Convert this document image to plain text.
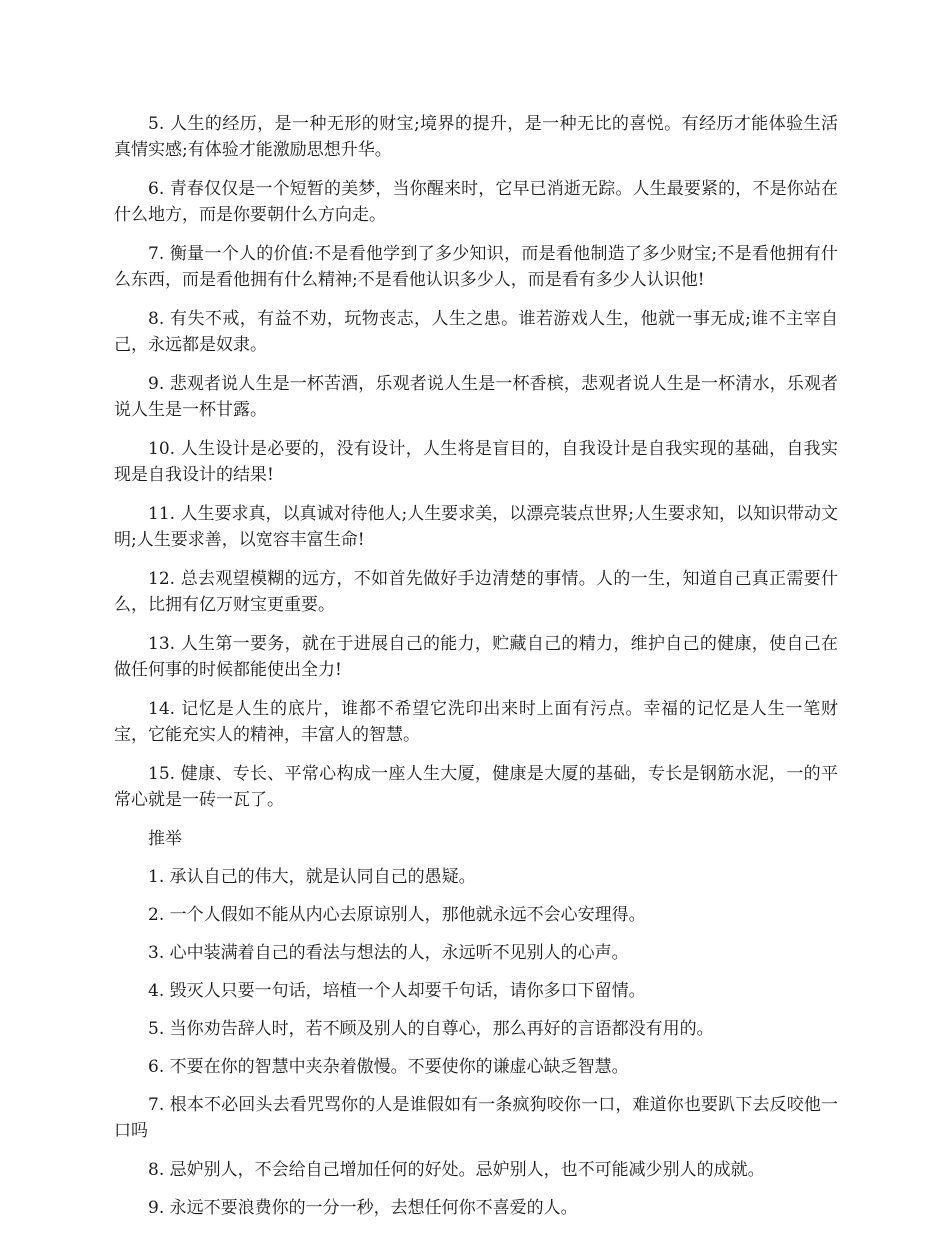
5. 人生的经历，是一种无形的财宝;境界的提升，是一种无比的喜悦。有经历才能体验生活真情实感;有体验才能激励思想升华。

6. 青春仅仅是一个短暂的美梦，当你醒来时，它早已消逝无踪。人生最要紧的，不是你站在什么地方，而是你要朝什么方向走。

7. 衡量一个人的价值:不是看他学到了多少知识，而是看他制造了多少财宝;不是看他拥有什么东西，而是看他拥有什么精神;不是看他认识多少人，而是看有多少人认识他!

8. 有失不戒，有益不劝，玩物丧志，人生之患。谁若游戏人生，他就一事无成;谁不主宰自己，永远都是奴隶。

9. 悲观者说人生是一杯苦酒，乐观者说人生是一杯香槟，悲观者说人生是一杯清水，乐观者说人生是一杯甘露。

10. 人生设计是必要的，没有设计，人生将是盲目的，自我设计是自我实现的基础，自我实现是自我设计的结果!

11. 人生要求真，以真诚对待他人;人生要求美，以漂亮装点世界;人生要求知，以知识带动文明;人生要求善，以宽容丰富生命!

12. 总去观望模糊的远方，不如首先做好手边清楚的事情。人的一生，知道自己真正需要什么，比拥有亿万财宝更重要。

13. 人生第一要务，就在于进展自己的能力，贮藏自己的精力，维护自己的健康，使自己在做任何事的时候都能使出全力!

14. 记忆是人生的底片，谁都不希望它洗印出来时上面有污点。幸福的记忆是人生一笔财宝，它能充实人的精神，丰富人的智慧。

15. 健康、专长、平常心构成一座人生大厦，健康是大厦的基础，专长是钢筋水泥，一的平常心就是一砖一瓦了。

推举

1. 承认自己的伟大，就是认同自己的愚疑。

2. 一个人假如不能从内心去原谅别人，那他就永远不会心安理得。

3. 心中装满着自己的看法与想法的人，永远听不见别人的心声。

4. 毁灭人只要一句话，培植一个人却要千句话，请你多口下留情。

5. 当你劝告辞人时，若不顾及别人的自尊心，那么再好的言语都没有用的。

6. 不要在你的智慧中夹杂着傲慢。不要使你的谦虚心缺乏智慧。

7. 根本不必回头去看咒骂你的人是谁假如有一条疯狗咬你一口，难道你也要趴下去反咬他一口吗

8. 忌妒别人，不会给自己增加任何的好处。忌妒别人，也不可能减少别人的成就。

9. 永远不要浪费你的一分一秒，去想任何你不喜爱的人。
